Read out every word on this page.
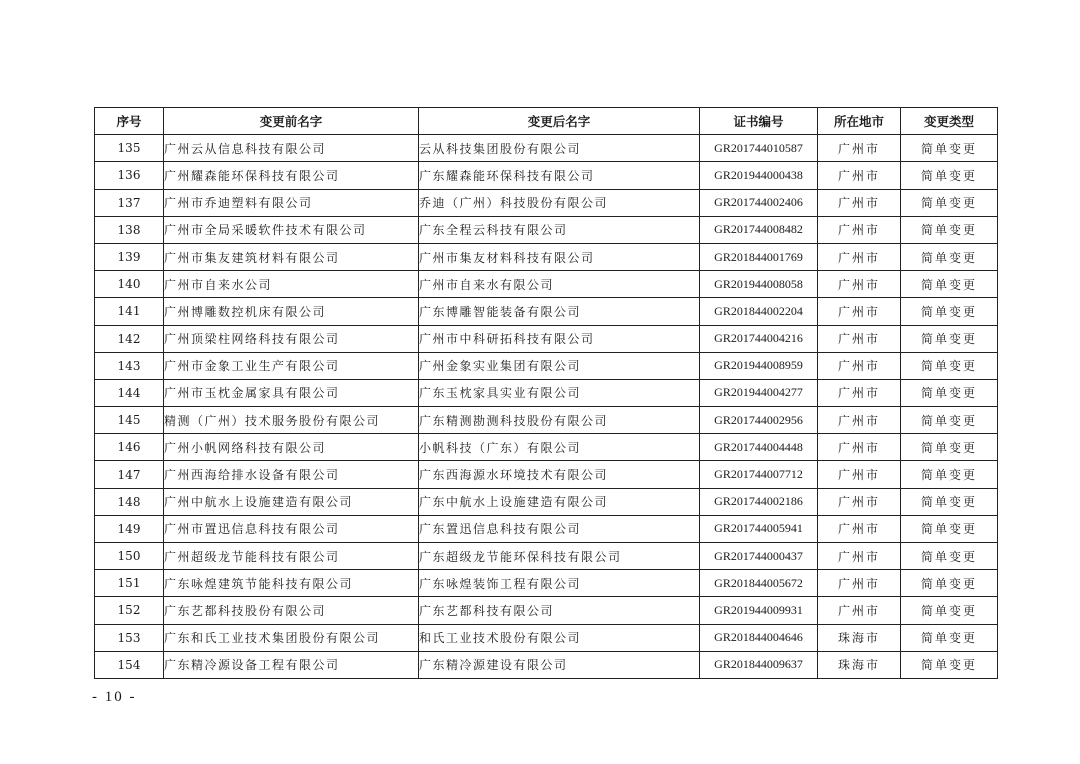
序号	变更前名字	变更后名字	证书编号	所在地市	变更类型
135	广州云从信息科技有限公司	云从科技集团股份有限公司	GR201744010587	广州市	简单变更
136	广州耀森能环保科技有限公司	广东耀森能环保科技有限公司	GR201944000438	广州市	简单变更
137	广州市乔迪塑料有限公司	乔迪（广州）科技股份有限公司	GR201744002406	广州市	简单变更
138	广州市全局采暖软件技术有限公司	广东全程云科技有限公司	GR201744008482	广州市	简单变更
139	广州市集友建筑材料有限公司	广州市集友材料科技有限公司	GR201844001769	广州市	简单变更
140	广州市自来水公司	广州市自来水有限公司	GR201944008058	广州市	简单变更
141	广州博雕数控机床有限公司	广东博雕智能装备有限公司	GR201844002204	广州市	简单变更
142	广州顶梁柱网络科技有限公司	广州市中科研拓科技有限公司	GR201744004216	广州市	简单变更
143	广州市金象工业生产有限公司	广州金象实业集团有限公司	GR201944008959	广州市	简单变更
144	广州市玉枕金属家具有限公司	广东玉枕家具实业有限公司	GR201944004277	广州市	简单变更
145	精测（广州）技术服务股份有限公司	广东精测勘测科技股份有限公司	GR201744002956	广州市	简单变更
146	广州小帆网络科技有限公司	小帆科技（广东）有限公司	GR201744004448	广州市	简单变更
147	广州西海给排水设备有限公司	广东西海源水环境技术有限公司	GR201744007712	广州市	简单变更
148	广州中航水上设施建造有限公司	广东中航水上设施建造有限公司	GR201744002186	广州市	简单变更
149	广州市置迅信息科技有限公司	广东置迅信息科技有限公司	GR201744005941	广州市	简单变更
150	广州超级龙节能科技有限公司	广东超级龙节能环保科技有限公司	GR201744000437	广州市	简单变更
151	广东咏煌建筑节能科技有限公司	广东咏煌装饰工程有限公司	GR201844005672	广州市	简单变更
152	广东艺都科技股份有限公司	广东艺都科技有限公司	GR201944009931	广州市	简单变更
153	广东和氏工业技术集团股份有限公司	和氏工业技术股份有限公司	GR201844004646	珠海市	简单变更
154	广东精冷源设备工程有限公司	广东精冷源建设有限公司	GR201844009637	珠海市	简单变更
- 10 -
